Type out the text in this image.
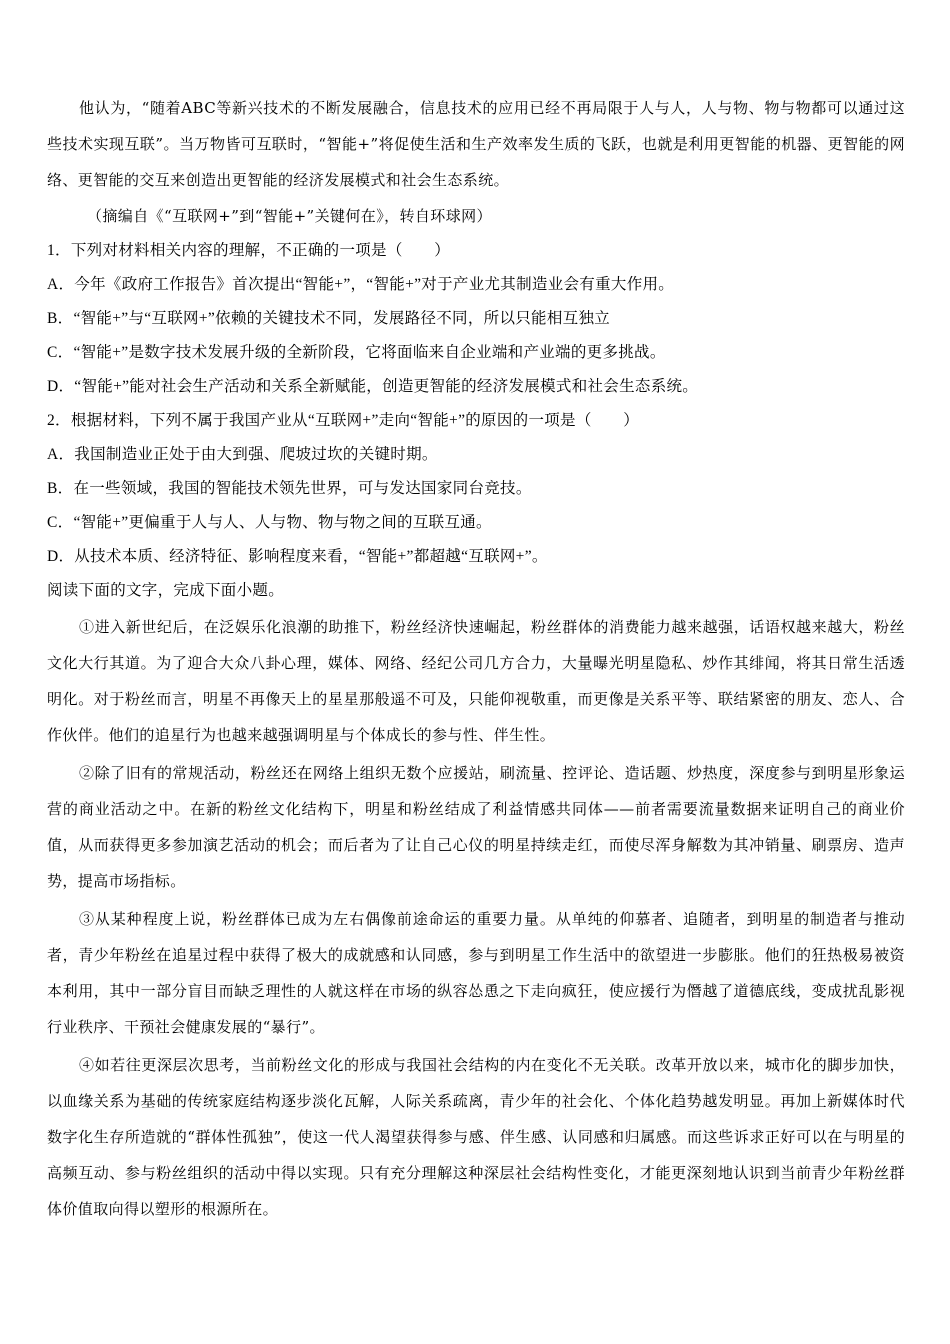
他认为，“随着ABC等新兴技术的不断发展融合，信息技术的应用已经不再局限于人与人，人与物、物与物都可以通过这些技术实现互联”。当万物皆可互联时，“智能+”将促使生活和生产效率发生质的飞跃，也就是利用更智能的机器、更智能的网络、更智能的交互来创造出更智能的经济发展模式和社会生态系统。

（摘编自《“互联网+”到“智能+”关键何在》，转自环球网）

1．下列对材料相关内容的理解，不正确的一项是（　　）

A．今年《政府工作报告》首次提出“智能+”，“智能+”对于产业尤其制造业会有重大作用。

B．“智能+”与“互联网+”依赖的关键技术不同，发展路径不同，所以只能相互独立

C．“智能+”是数字技术发展升级的全新阶段，它将面临来自企业端和产业端的更多挑战。

D．“智能+”能对社会生产活动和关系全新赋能，创造更智能的经济发展模式和社会生态系统。

2．根据材料，下列不属于我国产业从“互联网+”走向“智能+”的原因的一项是（　　）

A．我国制造业正处于由大到强、爬坡过坎的关键时期。

B．在一些领域，我国的智能技术领先世界，可与发达国家同台竞技。

C．“智能+”更偏重于人与人、人与物、物与物之间的互联互通。

D．从技术本质、经济特征、影响程度来看，“智能+”都超越“互联网+”。

阅读下面的文字，完成下面小题。

①进入新世纪后，在泛娱乐化浪潮的助推下，粉丝经济快速崛起，粉丝群体的消费能力越来越强，话语权越来越大，粉丝文化大行其道。为了迎合大众八卦心理，媒体、网络、经纪公司几方合力，大量曝光明星隐私、炒作其绯闻，将其日常生活透明化。对于粉丝而言，明星不再像天上的星星那般遥不可及，只能仰视敬重，而更像是关系平等、联结紧密的朋友、恋人、合作伙伴。他们的追星行为也越来越强调明星与个体成长的参与性、伴生性。

②除了旧有的常规活动，粉丝还在网络上组织无数个应援站，刷流量、控评论、造话题、炒热度，深度参与到明星形象运营的商业活动之中。在新的粉丝文化结构下，明星和粉丝结成了利益情感共同体——前者需要流量数据来证明自己的商业价值，从而获得更多参加演艺活动的机会；而后者为了让自己心仪的明星持续走红，而使尽浑身解数为其冲销量、刷票房、造声势，提高市场指标。

③从某种程度上说，粉丝群体已成为左右偶像前途命运的重要力量。从单纯的仰慕者、追随者，到明星的制造者与推动者，青少年粉丝在追星过程中获得了极大的成就感和认同感，参与到明星工作生活中的欲望进一步膨胀。他们的狂热极易被资本利用，其中一部分盲目而缺乏理性的人就这样在市场的纵容怂恿之下走向疯狂，使应援行为僭越了道德底线，变成扰乱影视行业秩序、干预社会健康发展的“暴行”。

④如若往更深层次思考，当前粉丝文化的形成与我国社会结构的内在变化不无关联。改革开放以来，城市化的脚步加快，以血缘关系为基础的传统家庭结构逐步淡化瓦解，人际关系疏离，青少年的社会化、个体化趋势越发明显。再加上新媒体时代数字化生存所造就的“群体性孤独”，使这一代人渴望获得参与感、伴生感、认同感和归属感。而这些诉求正好可以在与明星的高频互动、参与粉丝组织的活动中得以实现。只有充分理解这种深层社会结构性变化，才能更深刻地认识到当前青少年粉丝群体价值取向得以塑形的根源所在。
